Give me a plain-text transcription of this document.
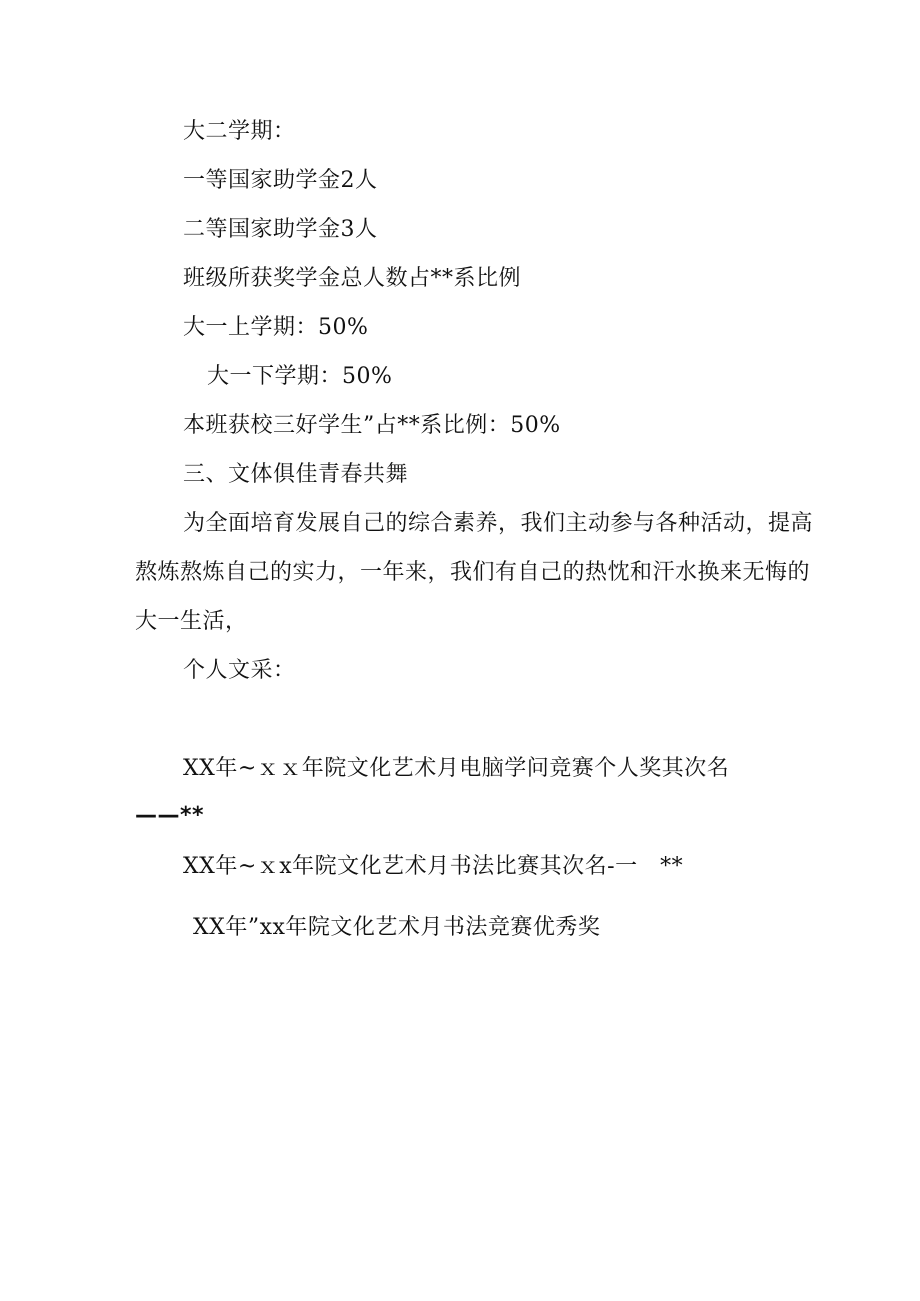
大二学期：

一等国家助学金2人

二等国家助学金3人

班级所获奖学金总人数占**系比例

大一上学期：50%

大一下学期：50%

本班获校三好学生”占**系比例：50%

三、文体俱佳青春共舞

为全面培育发展自己的综合素养，我们主动参与各种活动，提高

熬炼熬炼自己的实力，一年来，我们有自己的热忱和汗水换来无悔的

大一生活，

个人文采：

XX年~ｘｘ年院文化艺术月电脑学问竞赛个人奖其次名

——**

XX年~ｘx年院文化艺术月书法比赛其次名-一　**

XX年”xx年院文化艺术月书法竞赛优秀奖
